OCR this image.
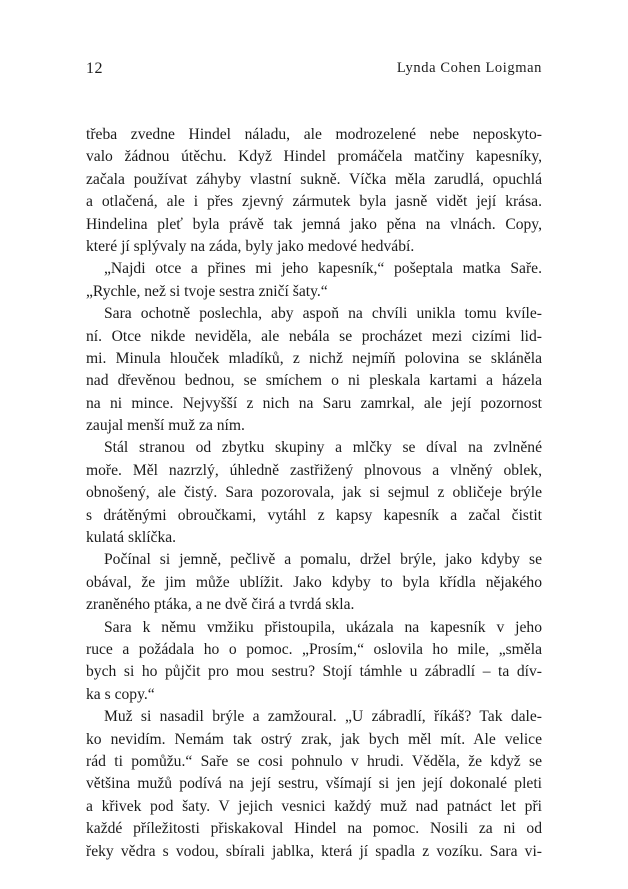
12	Lynda Cohen Loigman
třeba zvedne Hindel náladu, ale modrozelené nebe neposkyto-
valo žádnou útěchu. Když Hindel promáčela matčiny kapesníky,
začala používat záhyby vlastní sukně. Víčka měla zarudlá, opuchlá
a otlačená, ale i přes zjevný zármutek byla jasně vidět její krása.
Hindelina pleť byla právě tak jemná jako pěna na vlnách. Copy,
které jí splývaly na záda, byly jako medové hedvábí.
„Najdi otce a přines mi jeho kapesník,“ pošeptala matka Saře.
„Rychle, než si tvoje sestra zničí šaty.“
Sara ochotně poslechla, aby aspoň na chvíli unikla tomu kvíle-
ní. Otce nikde neviděla, ale nebála se procházet mezi cizími lid-
mi. Minula hlouček mladíků, z nichž nejmíň polovina se skláněla
nad dřevěnou bednou, se smíchem o ni pleskala kartami a házela
na ni mince. Nejvyšší z nich na Saru zamrkal, ale její pozornost
zaujal menší muž za ním.
Stál stranou od zbytku skupiny a mlčky se díval na zvlněné
moře. Měl nazrzlý, úhledně zastřižený plnovous a vlněný oblek,
obnošený, ale čistý. Sara pozorovala, jak si sejmul z obličeje brýle
s drátěnými obroučkami, vytáhl z kapsy kapesník a začal čistit
kulatá sklíčka.
Počínal si jemně, pečlivě a pomalu, držel brýle, jako kdyby se
obával, že jim může ublížit. Jako kdyby to byla křídla nějakého
zraněného ptáka, a ne dvě čirá a tvrdá skla.
Sara k němu vmžiku přistoupila, ukázala na kapesník v jeho
ruce a požádala ho o pomoc. „Prosím,“ oslovila ho mile, „směla
bych si ho půjčit pro mou sestru? Stojí támhle u zábradlí – ta dív-
ka s copy.“
Muž si nasadil brýle a zamžoural. „U zábradlí, říkáš? Tak dale-
ko nevidím. Nemám tak ostrý zrak, jak bych měl mít. Ale velice
rád ti pomůžu.“ Saře se cosi pohnulo v hrudi. Věděla, že když se
většina mužů podívá na její sestru, všímají si jen její dokonalé pleti
a křivek pod šaty. V jejich vesnici každý muž nad patnáct let při
každé příležitosti přiskakoval Hindel na pomoc. Nosili za ni od
řeky vědra s vodou, sbírali jablka, která jí spadla z vozíku. Sara vi-
